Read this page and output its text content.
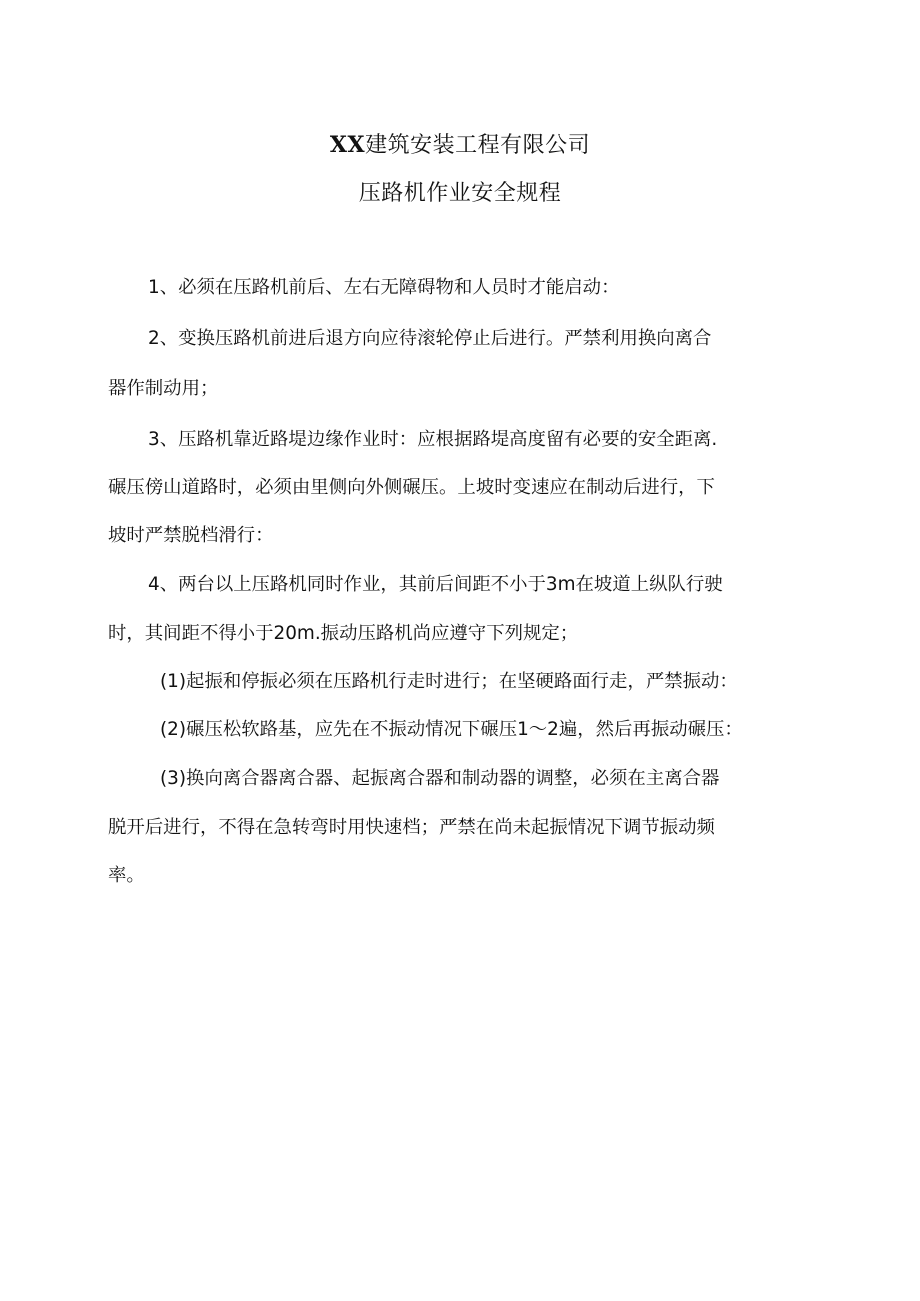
XX建筑安装工程有限公司
压路机作业安全规程
1、必须在压路机前后、左右无障碍物和人员时才能启动：
2、变换压路机前进后退方向应待滚轮停止后进行。严禁利用换向离合
器作制动用；
3、压路机靠近路堤边缘作业时：应根据路堤高度留有必要的安全距离.
碾压傍山道路时，必须由里侧向外侧碾压。上坡时变速应在制动后进行，下
坡时严禁脱档滑行：
4、两台以上压路机同时作业，其前后间距不小于3m在坡道上纵队行驶
时，其间距不得小于20m.振动压路机尚应遵守下列规定；
(1)起振和停振必须在压路机行走时进行；在坚硬路面行走，严禁振动：
(2)碾压松软路基，应先在不振动情况下碾压1〜2遍，然后再振动碾压：
(3)换向离合器离合器、起振离合器和制动器的调整，必须在主离合器
脱开后进行，不得在急转弯时用快速档；严禁在尚未起振情况下调节振动频
率。
